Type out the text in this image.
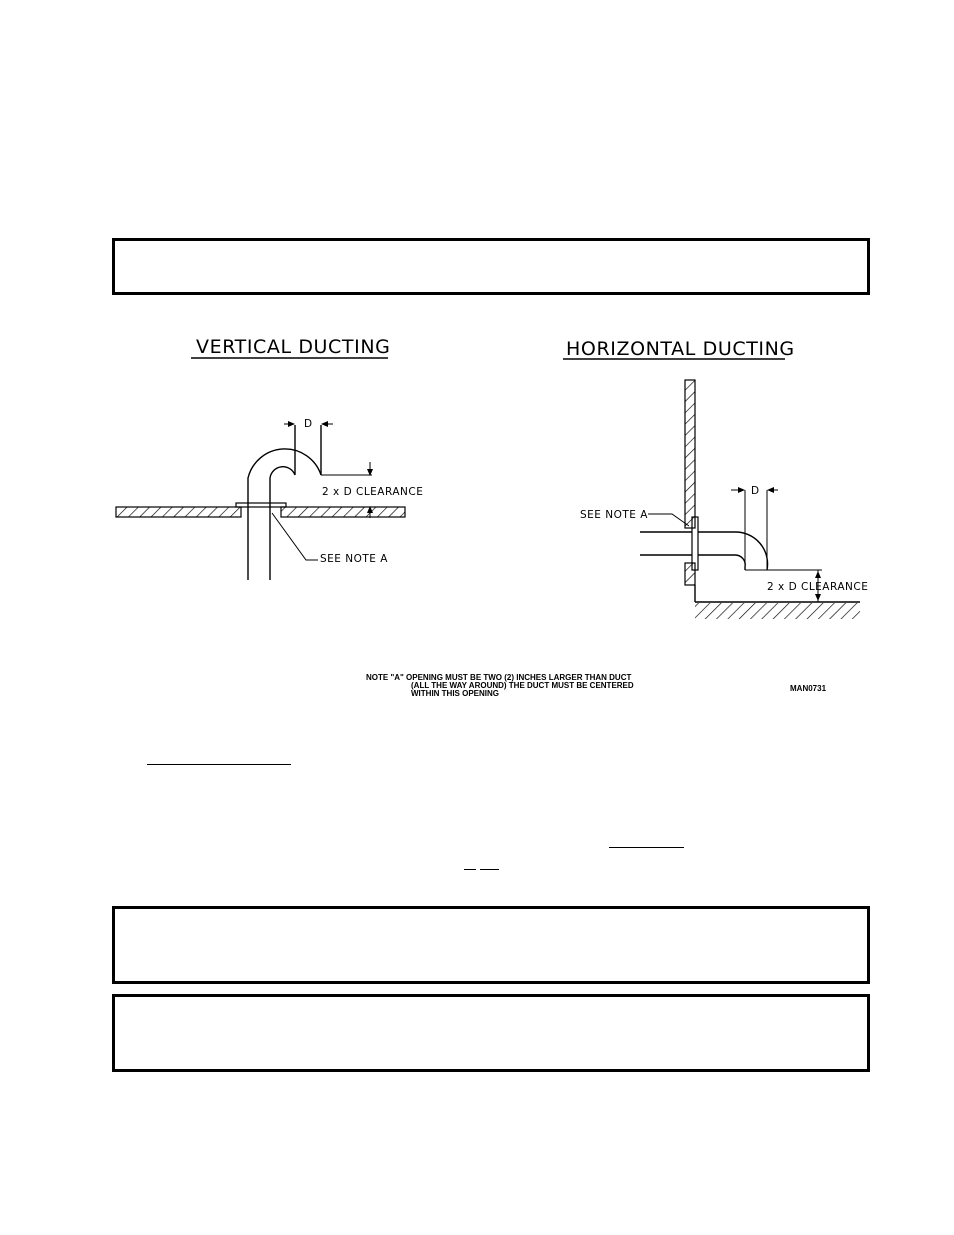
VERTICAL DUCTING
D
2 x D CLEARANCE
SEE NOTE A
HORIZONTAL DUCTING
D
2 x D CLEARANCE
SEE NOTE A
NOTE "A" OPENING MUST BE TWO (2) INCHES LARGER THAN DUCT
(ALL THE WAY AROUND) THE DUCT MUST BE CENTERED
WITHIN THIS OPENING
MAN0731
